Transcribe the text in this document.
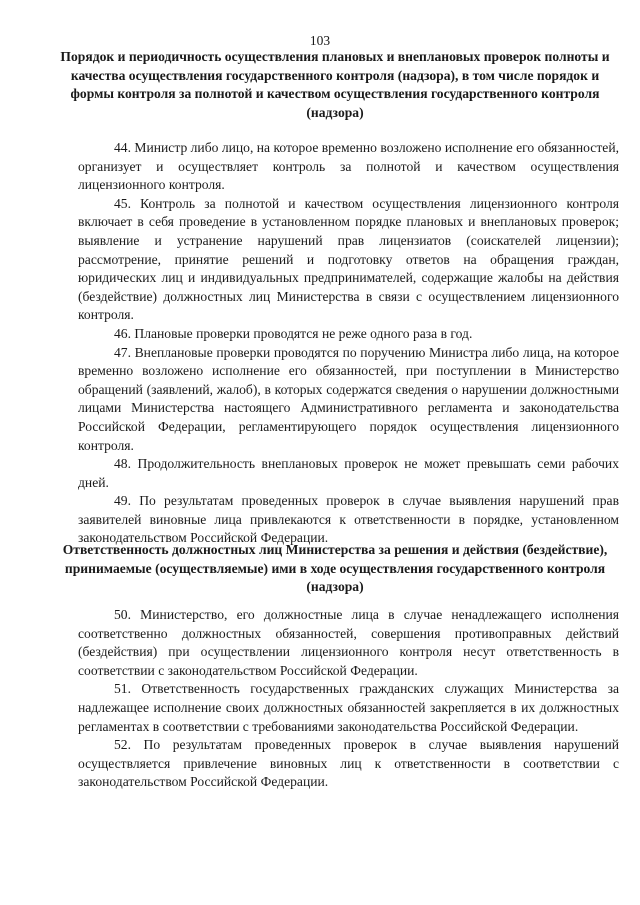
103
Порядок и периодичность осуществления плановых и внеплановых проверок полноты и качества осуществления государственного контроля (надзора), в том числе порядок и формы контроля за полнотой и качеством осуществления государственного контроля (надзора)

44. Министр либо лицо, на которое временно возложено исполнение его обязанностей, организует и осуществляет контроль за полнотой и качеством осуществления лицензионного контроля.

45. Контроль за полнотой и качеством осуществления лицензионного контроля включает в себя проведение в установленном порядке плановых и внеплановых проверок; выявление и устранение нарушений прав лицензиатов (соискателей лицензии); рассмотрение, принятие решений и подготовку ответов на обращения граждан, юридических лиц и индивидуальных предпринимателей, содержащие жалобы на действия (бездействие) должностных лиц Министерства в связи с осуществлением лицензионного контроля.

46. Плановые проверки проводятся не реже одного раза в год.

47. Внеплановые проверки проводятся по поручению Министра либо лица, на которое временно возложено исполнение его обязанностей, при поступлении в Министерство обращений (заявлений, жалоб), в которых содержатся сведения о нарушении должностными лицами Министерства настоящего Административного регламента и законодательства Российской Федерации, регламентирующего порядок осуществления лицензионного контроля.

48. Продолжительность внеплановых проверок не может превышать семи рабочих дней.

49. По результатам проведенных проверок в случае выявления нарушений прав заявителей виновные лица привлекаются к ответственности в порядке, установленном законодательством Российской Федерации.

Ответственность должностных лиц Министерства за решения и действия (бездействие), принимаемые (осуществляемые) ими в ходе осуществления государственного контроля (надзора)

50. Министерство, его должностные лица в случае ненадлежащего исполнения соответственно должностных обязанностей, совершения противоправных действий (бездействия) при осуществлении лицензионного контроля несут ответственность в соответствии с законодательством Российской Федерации.

51. Ответственность государственных гражданских служащих Министерства за надлежащее исполнение своих должностных обязанностей закрепляется в их должностных регламентах в соответствии с требованиями законодательства Российской Федерации.

52. По результатам проведенных проверок в случае выявления нарушений осуществляется привлечение виновных лиц к ответственности в соответствии с законодательством Российской Федерации.
